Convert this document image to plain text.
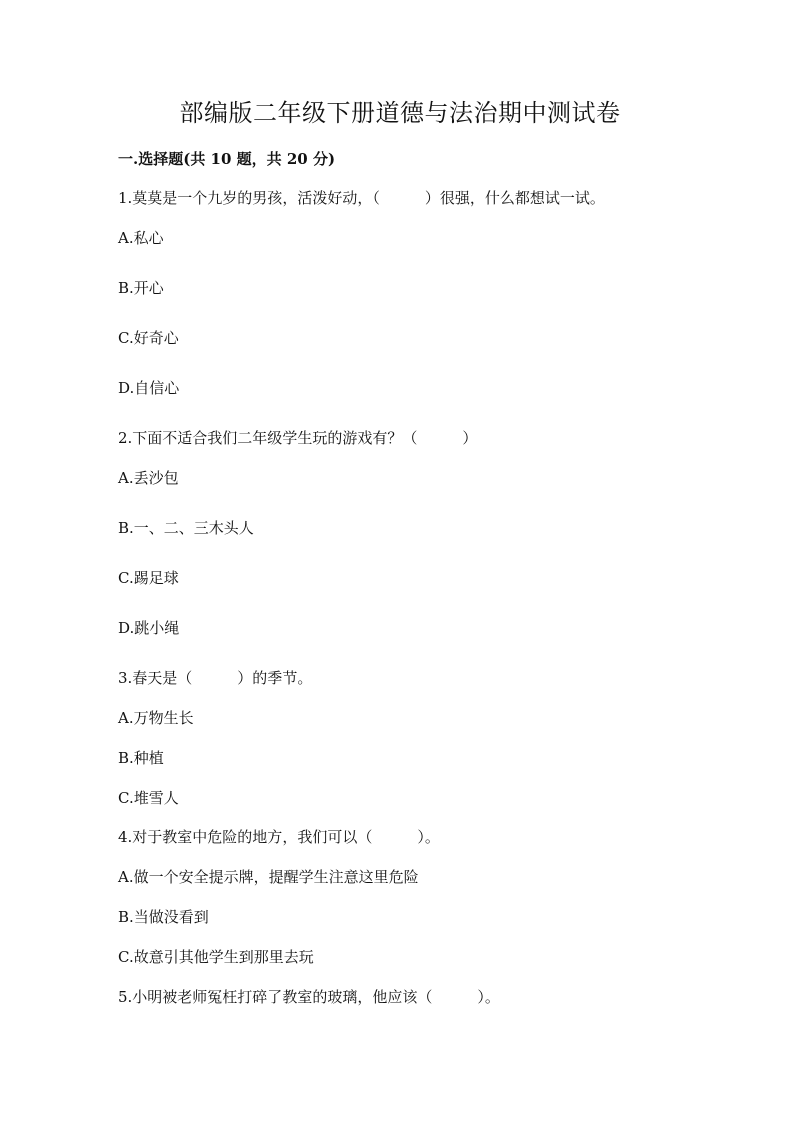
部编版二年级下册道德与法治期中测试卷
一.选择题(共 10 题，共 20 分)
1.莫莫是一个九岁的男孩，活泼好动，（　　　）很强，什么都想试一试。
A.私心
B.开心
C.好奇心
D.自信心
2.下面不适合我们二年级学生玩的游戏有？（　　　）
A.丢沙包
B.一、二、三木头人
C.踢足球
D.跳小绳
3.春天是（　　　）的季节。
A.万物生长
B.种植
C.堆雪人
4.对于教室中危险的地方，我们可以（　　　）。
A.做一个安全提示牌，提醒学生注意这里危险
B.当做没看到
C.故意引其他学生到那里去玩
5.小明被老师冤枉打碎了教室的玻璃，他应该（　　　）。
